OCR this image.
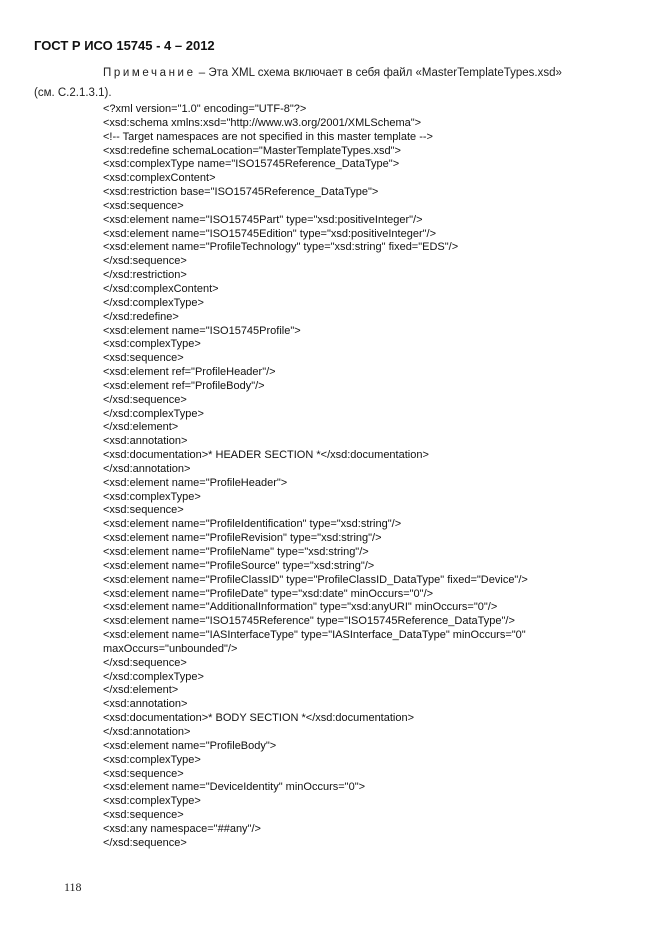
ГОСТ Р ИСО 15745 - 4 – 2012
Примечание – Эта XML схема включает в себя файл «MasterTemplateTypes.xsd»
(см. С.2.1.3.1).
<?xml version="1.0" encoding="UTF-8"?>
<xsd:schema xmlns:xsd="http://www.w3.org/2001/XMLSchema">
<!-- Target namespaces are not specified in this master template -->
<xsd:redefine schemaLocation="MasterTemplateTypes.xsd">
<xsd:complexType name="ISO15745Reference_DataType">
<xsd:complexContent>
<xsd:restriction base="ISO15745Reference_DataType">
<xsd:sequence>
<xsd:element name="ISO15745Part" type="xsd:positiveInteger"/>
<xsd:element name="ISO15745Edition" type="xsd:positiveInteger"/>
<xsd:element name="ProfileTechnology" type="xsd:string" fixed="EDS"/>
</xsd:sequence>
</xsd:restriction>
</xsd:complexContent>
</xsd:complexType>
</xsd:redefine>
<xsd:element name="ISO15745Profile">
<xsd:complexType>
<xsd:sequence>
<xsd:element ref="ProfileHeader"/>
<xsd:element ref="ProfileBody"/>
</xsd:sequence>
</xsd:complexType>
</xsd:element>
<xsd:annotation>
<xsd:documentation>* HEADER SECTION *</xsd:documentation>
</xsd:annotation>
<xsd:element name="ProfileHeader">
<xsd:complexType>
<xsd:sequence>
<xsd:element name="ProfileIdentification" type="xsd:string"/>
<xsd:element name="ProfileRevision" type="xsd:string"/>
<xsd:element name="ProfileName" type="xsd:string"/>
<xsd:element name="ProfileSource" type="xsd:string"/>
<xsd:element name="ProfileClassID" type="ProfileClassID_DataType" fixed="Device"/>
<xsd:element name="ProfileDate" type="xsd:date" minOccurs="0"/>
<xsd:element name="AdditionalInformation" type="xsd:anyURI" minOccurs="0"/>
<xsd:element name="ISO15745Reference" type="ISO15745Reference_DataType"/>
<xsd:element name="IASInterfaceType" type="IASInterface_DataType" minOccurs="0"
maxOccurs="unbounded"/>
</xsd:sequence>
</xsd:complexType>
</xsd:element>
<xsd:annotation>
<xsd:documentation>* BODY SECTION *</xsd:documentation>
</xsd:annotation>
<xsd:element name="ProfileBody">
<xsd:complexType>
<xsd:sequence>
<xsd:element name="DeviceIdentity" minOccurs="0">
<xsd:complexType>
<xsd:sequence>
<xsd:any namespace="##any"/>
</xsd:sequence>
118
